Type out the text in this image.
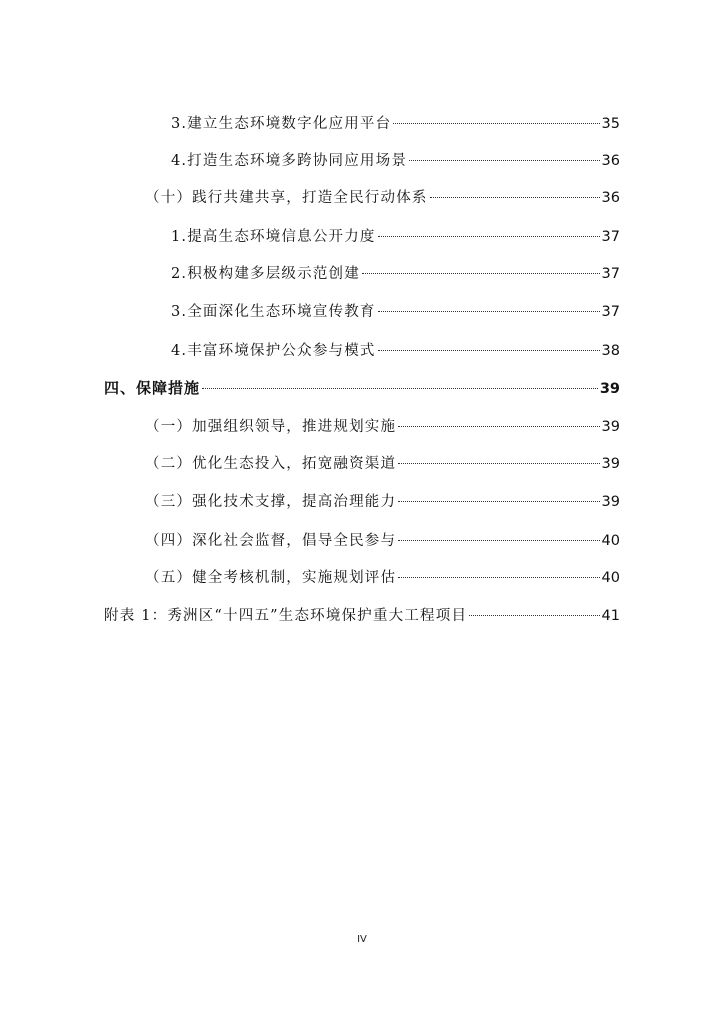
3.建立生态环境数字化应用平台	35
4.打造生态环境多跨协同应用场景	36
（十）践行共建共享，打造全民行动体系	36
1.提高生态环境信息公开力度	37
2.积极构建多层级示范创建	37
3.全面深化生态环境宣传教育	37
4.丰富环境保护公众参与模式	38
四、保障措施	39
（一）加强组织领导，推进规划实施	39
（二）优化生态投入，拓宽融资渠道	39
（三）强化技术支撑，提高治理能力	39
（四）深化社会监督，倡导全民参与	40
（五）健全考核机制，实施规划评估	40
附表 1：秀洲区“十四五”生态环境保护重大工程项目	41
IV
